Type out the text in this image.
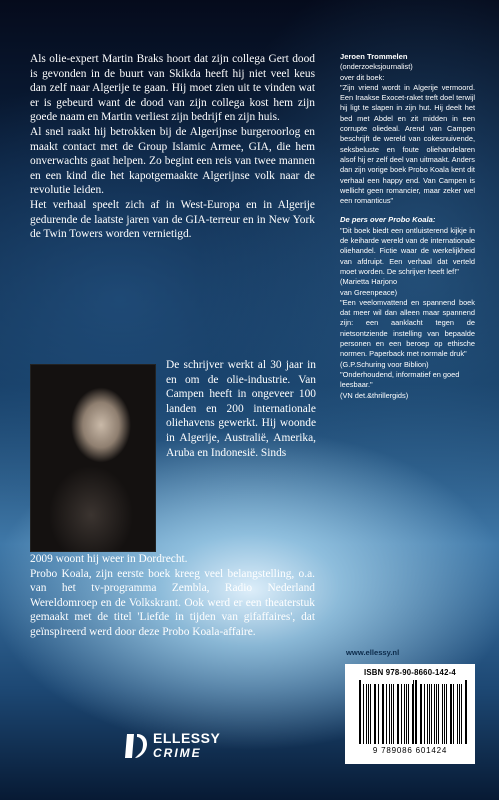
Als olie-expert Martin Braks hoort dat zijn collega Gert dood is gevonden in de buurt van Skikda heeft hij niet veel keus dan zelf naar Algerije te gaan. Hij moet zien uit te vinden wat er is gebeurd want de dood van zijn collega kost hem zijn goede naam en Martin verliest zijn bedrijf en zijn huis.

Al snel raakt hij betrokken bij de Algerijnse burgeroorlog en maakt contact met de Group Islamic Armee, GIA, die hem onverwachts gaat helpen. Zo begint een reis van twee mannen en een kind die het kapotgemaakte Algerijnse volk naar de revolutie leiden.

Het verhaal speelt zich af in West-Europa en in Algerije gedurende de laatste jaren van de GIA-terreur en in New York de Twin Towers worden vernietigd.

De schrijver werkt al 30 jaar in en om de olie-industrie. Van Campen heeft in ongeveer 100 landen en 200 internationale oliehavens gewerkt. Hij woonde in Algerije, Australië, Amerika, Aruba en Indonesië. Sinds

2009 woont hij weer in Dordrecht.

Probo Koala, zijn eerste boek kreeg veel belangstelling, o.a. van het tv-programma Zembla, Radio Nederland Wereldomroep en de Volkskrant. Ook werd er een theaterstuk gemaakt met de titel 'Liefde in tijden van gifaffaires', dat geïnspireerd werd door deze Probo Koala-affaire.

Jeroen Trommelen
(onderzoeksjournalist)
over dit boek:

"Zijn vriend wordt in Algerije vermoord. Een Iraakse Exocet-raket treft doel terwijl hij ligt te slapen in zijn hut. Hij deelt het bed met Abdel en zit midden in een corrupte oliedeal. Arend van Campen beschrijft de wereld van cokesnuivende, seksbeluste en foute oliehandelaren alsof hij er zelf deel van uitmaakt. Anders dan zijn vorige boek Probo Koala kent dit verhaal een happy end. Van Campen is wellicht geen romancier, maar zeker wel een romanticus"

De pers over Probo Koala:

"Dit boek biedt een ontluisterend kijkje in de keiharde wereld van de internationale oliehandel. Fictie waar de werkelijkheid van afdruipt. Een verhaal dat verteld moet worden. De schrijver heeft lef!"

(Marietta Harjono
van Greenpeace)

"Een veelomvattend en spannend boek dat meer wil dan alleen maar spannend zijn: een aanklacht tegen de nietsontziende instelling van bepaalde personen en een beroep op ethische normen. Paperback met normale druk"

(G.P.Schuring voor Biblion)
"Onderhoudend, informatief en goed leesbaar."
(VN det.&thrillergids)
www.ellessy.nl
ISBN 978-90-8660-142-4
9 789086 601424
ELLESSY
CRIME
